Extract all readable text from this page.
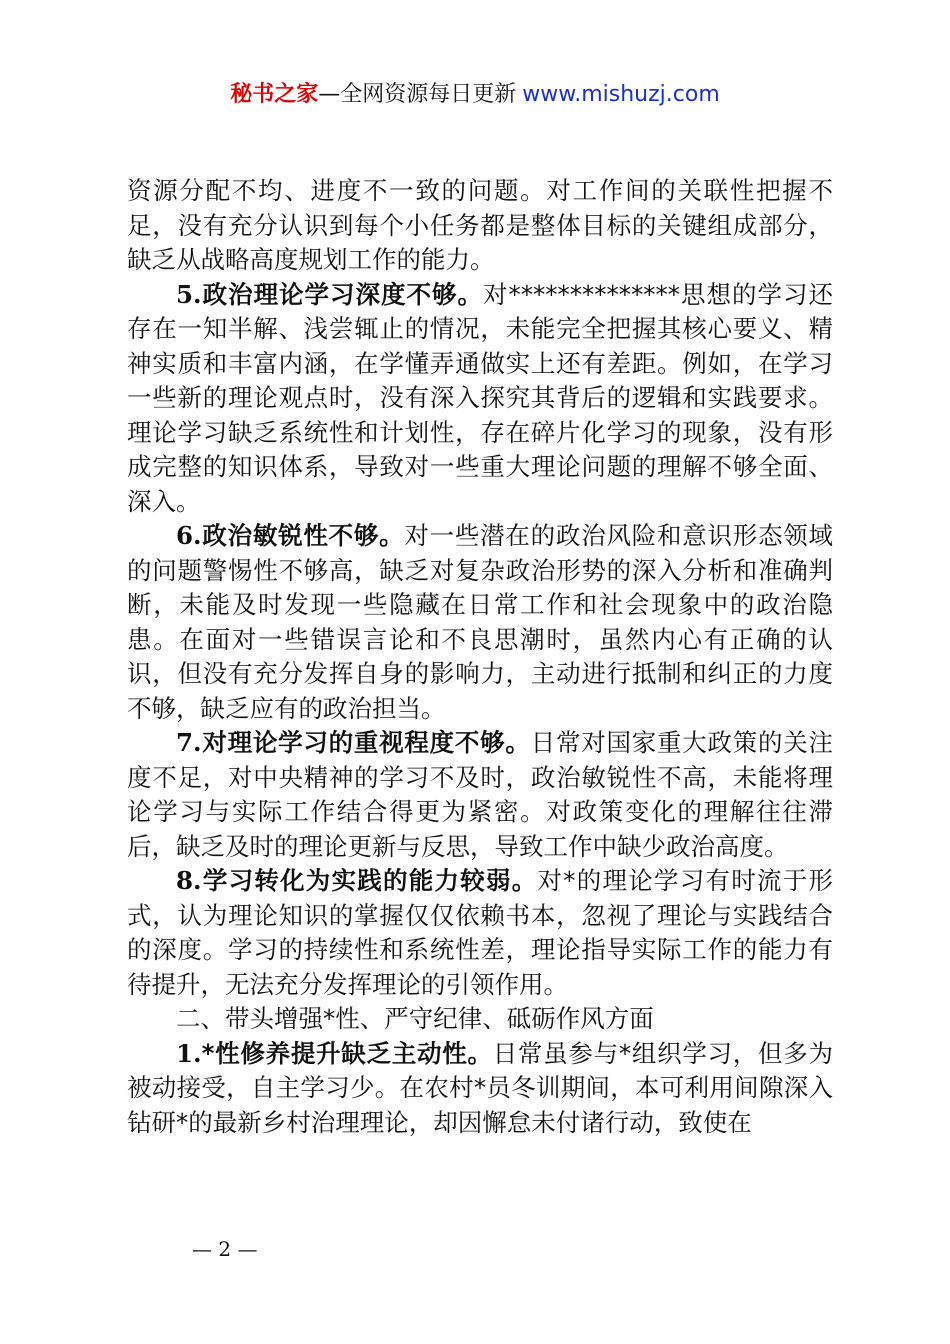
秘书之家—全网资源每日更新 www.mishuzj.com

资源分配不均、进度不一致的问题。对工作间的关联性把握不足，没有充分认识到每个小任务都是整体目标的关键组成部分，缺乏从战略高度规划工作的能力。

5.政治理论学习深度不够。对**************思想的学习还存在一知半解、浅尝辄止的情况，未能完全把握其核心要义、精神实质和丰富内涵，在学懂弄通做实上还有差距。例如，在学习一些新的理论观点时，没有深入探究其背后的逻辑和实践要求。理论学习缺乏系统性和计划性，存在碎片化学习的现象，没有形成完整的知识体系，导致对一些重大理论问题的理解不够全面、深入。

6.政治敏锐性不够。对一些潜在的政治风险和意识形态领域的问题警惕性不够高，缺乏对复杂政治形势的深入分析和准确判断，未能及时发现一些隐藏在日常工作和社会现象中的政治隐患。在面对一些错误言论和不良思潮时，虽然内心有正确的认识，但没有充分发挥自身的影响力，主动进行抵制和纠正的力度不够，缺乏应有的政治担当。

7.对理论学习的重视程度不够。日常对国家重大政策的关注度不足，对中央精神的学习不及时，政治敏锐性不高，未能将理论学习与实际工作结合得更为紧密。对政策变化的理解往往滞后，缺乏及时的理论更新与反思，导致工作中缺少政治高度。

8.学习转化为实践的能力较弱。对*的理论学习有时流于形式，认为理论知识的掌握仅仅依赖书本，忽视了理论与实践结合的深度。学习的持续性和系统性差，理论指导实际工作的能力有待提升，无法充分发挥理论的引领作用。

二、带头增强*性、严守纪律、砥砺作风方面

1.*性修养提升缺乏主动性。日常虽参与*组织学习，但多为被动接受，自主学习少。在农村*员冬训期间，本可利用间隙深入钻研*的最新乡村治理理论，却因懈怠未付诸行动，致使在

— 2 —
